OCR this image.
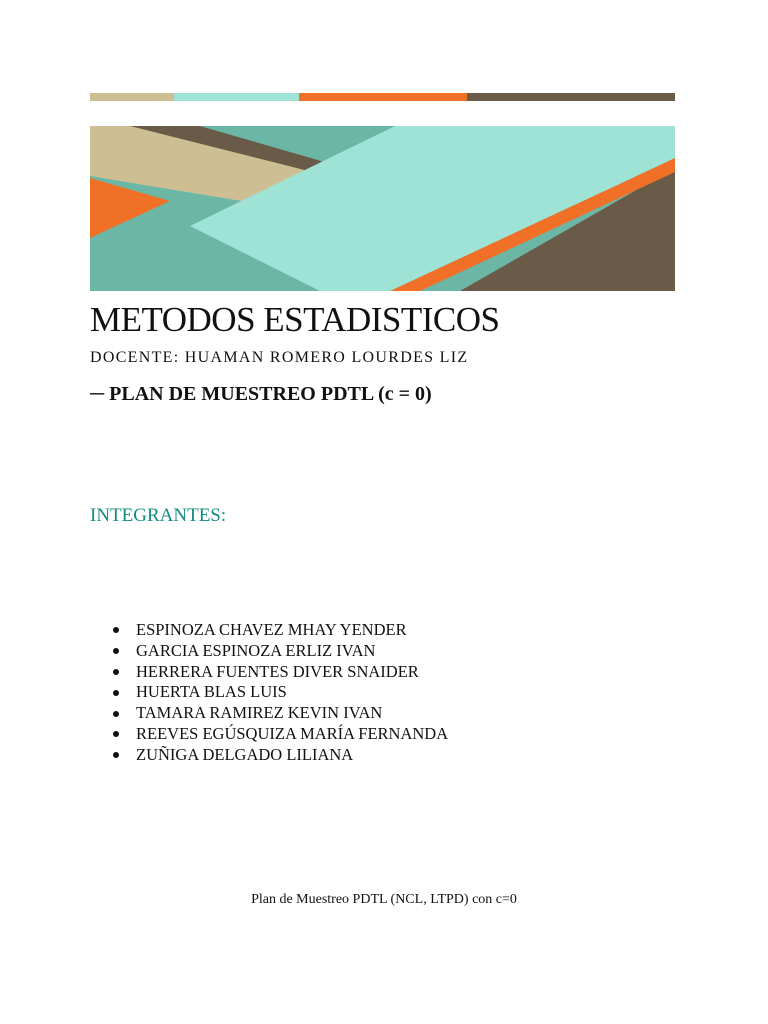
METODOS ESTADISTICOS
DOCENTE: HUAMAN ROMERO LOURDES LIZ
─ PLAN DE MUESTREO PDTL (c = 0)
INTEGRANTES:
ESPINOZA CHAVEZ MHAY YENDER
GARCIA ESPINOZA ERLIZ IVAN
HERRERA FUENTES DIVER SNAIDER
HUERTA BLAS LUIS
TAMARA RAMIREZ KEVIN IVAN
REEVES EGÚSQUIZA MARÍA FERNANDA
ZUÑIGA DELGADO LILIANA
Plan de Muestreo PDTL (NCL, LTPD) con c=0
